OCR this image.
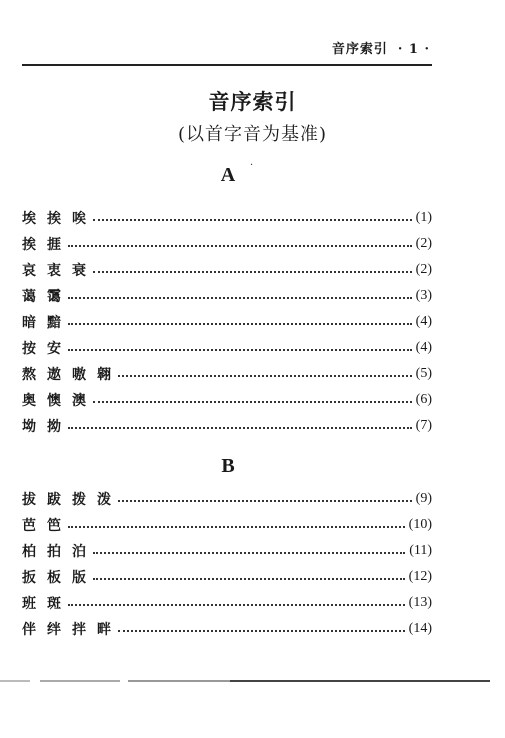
音序索引 · 1 ·
音序索引
(以首字音为基准)
A	·
埃 挨 唉	(1)
挨 捱	(2)
哀 衷 衰	(2)
蔼 霭	(3)
暗 黯	(4)
按 安	(4)
熬 遨 嗷 翱	(5)
奥 懊 澳	(6)
坳 拗	(7)
B
拔 跋 拨 泼	(9)
芭 笆	(10)
柏 拍 泊	(11)
扳 板 版	(12)
班 斑	(13)
伴 绊 拌 畔	(14)
